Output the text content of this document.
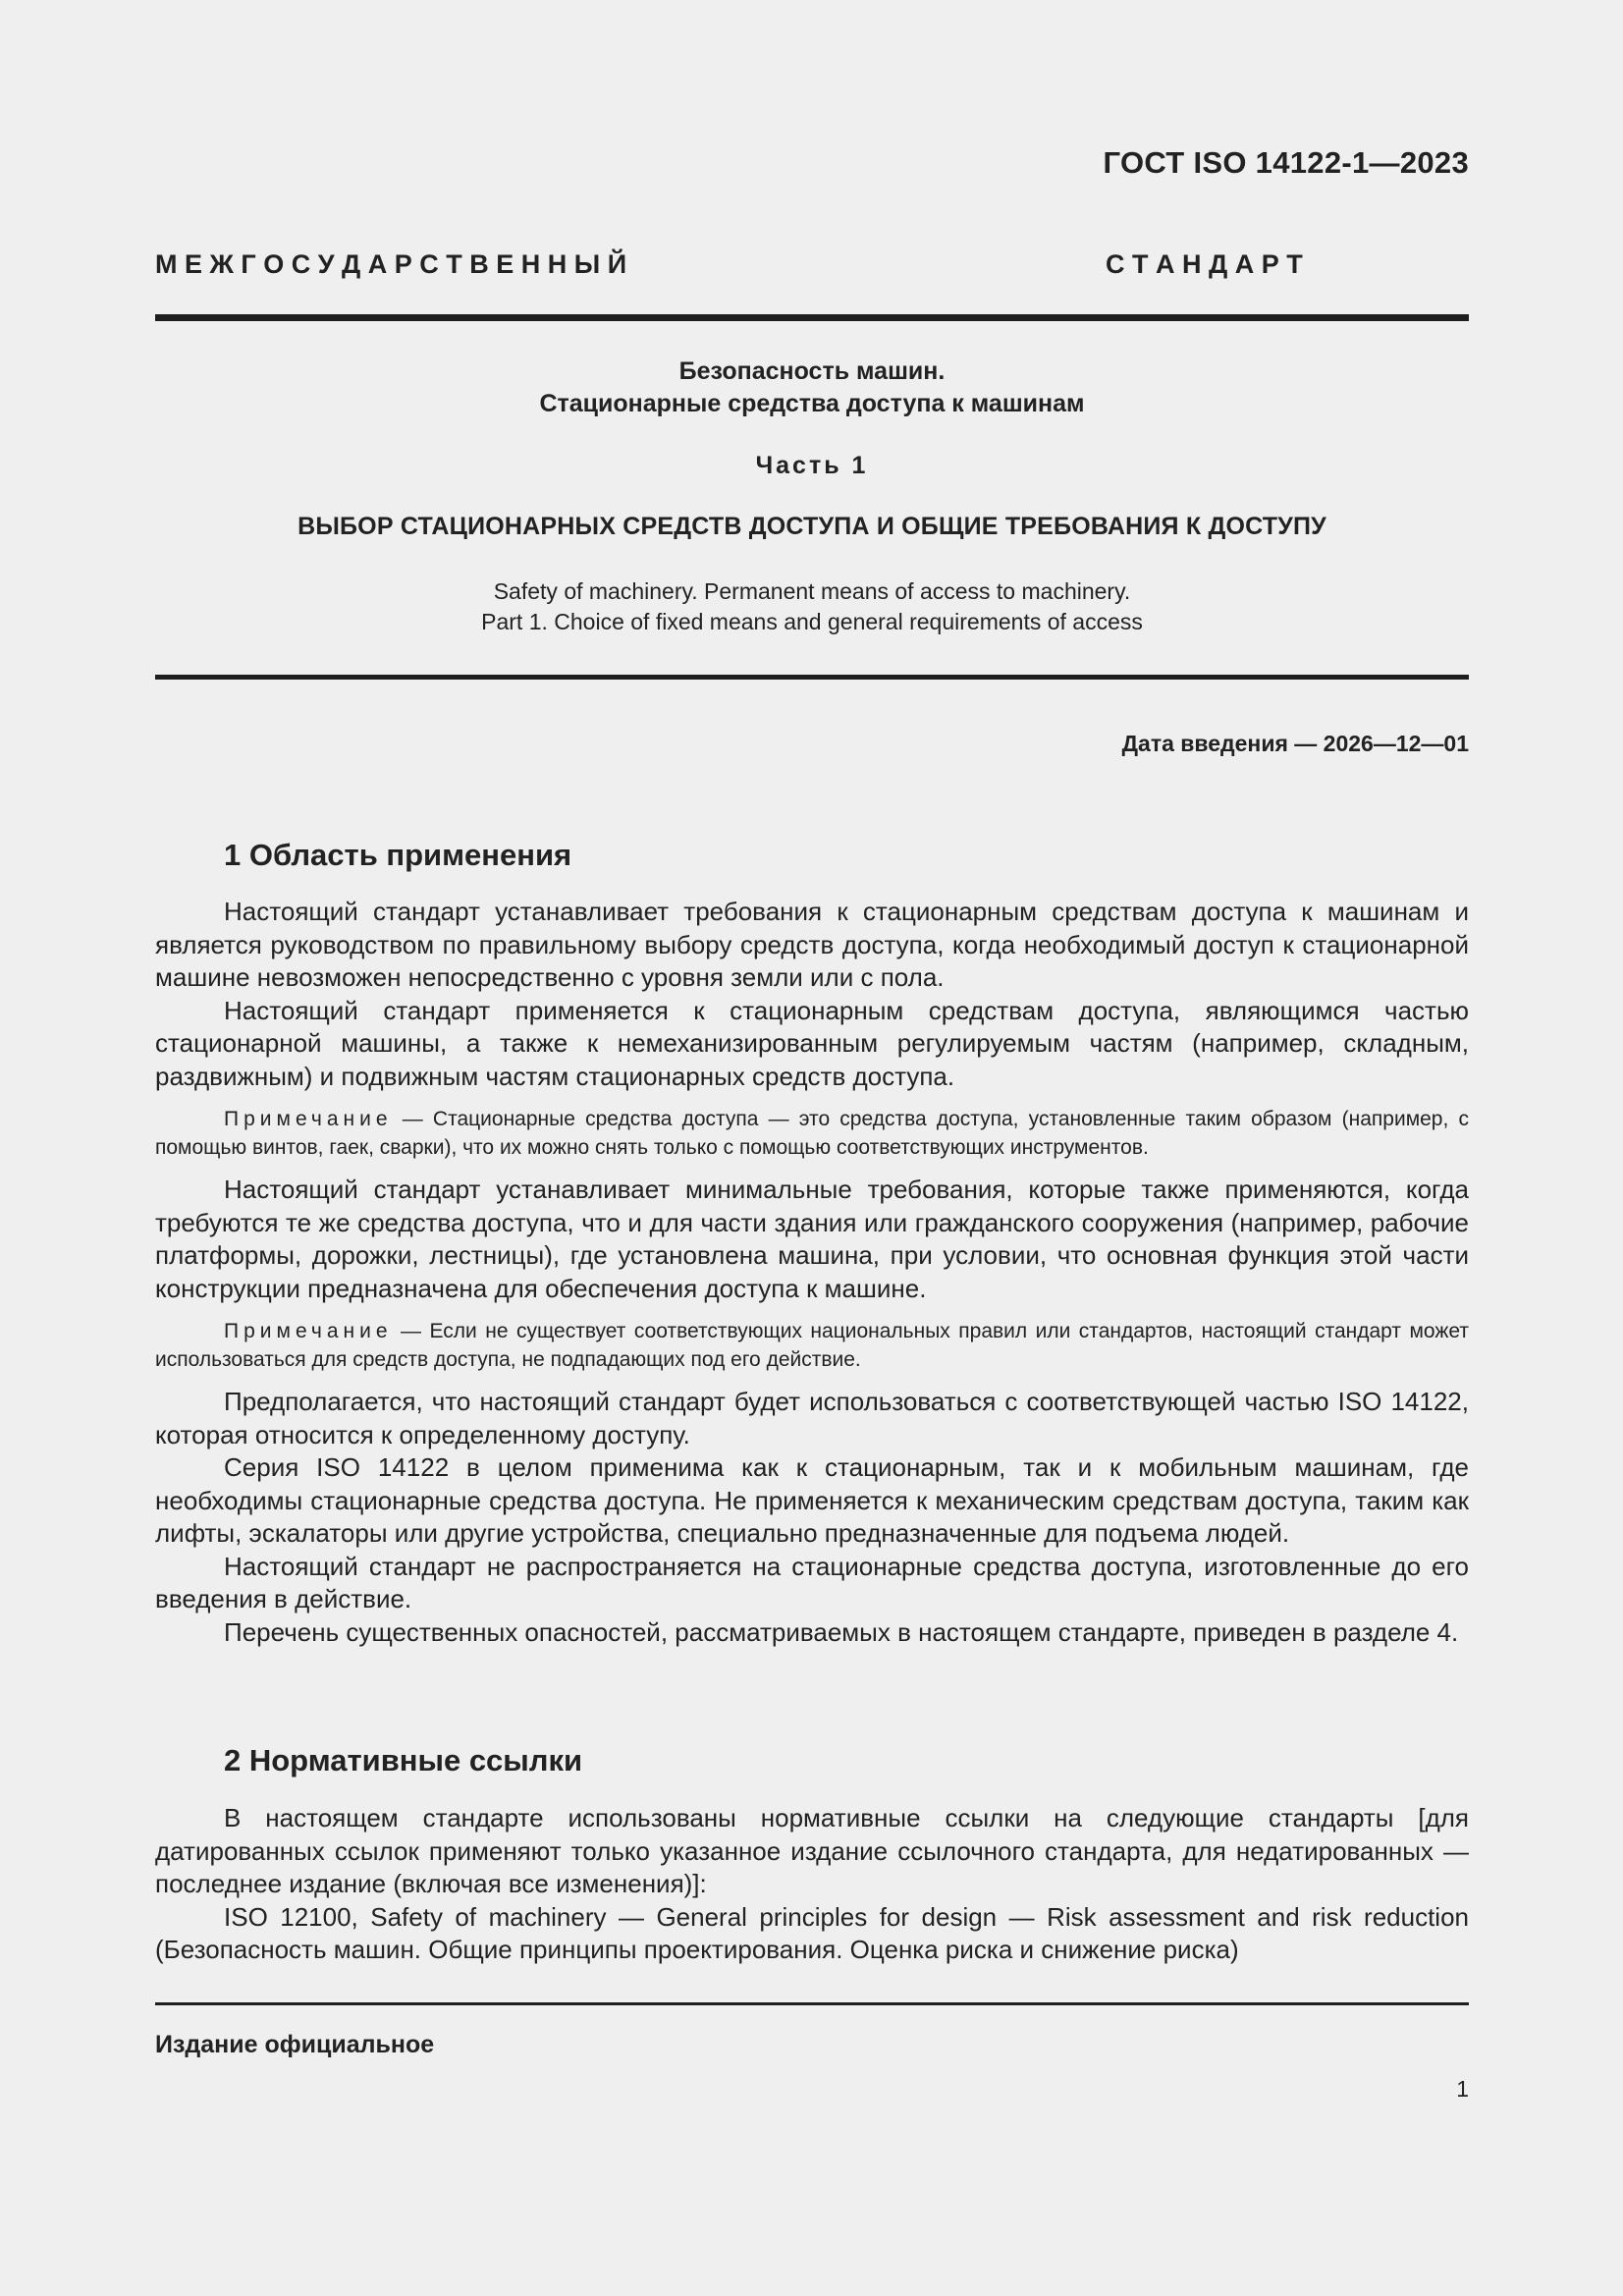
ГОСТ ISO 14122-1—2023
М Е Ж Г О С У Д А Р С Т В Е Н Н Ы Й	С Т А Н Д А Р Т
Безопасность машин.
Стационарные средства доступа к машинам
Часть 1
ВЫБОР СТАЦИОНАРНЫХ СРЕДСТВ ДОСТУПА И ОБЩИЕ ТРЕБОВАНИЯ К ДОСТУПУ
Safety of machinery. Permanent means of access to machinery.
Part 1. Choice of fixed means and general requirements of access
Дата введения — 2026—12—01
1 Область применения

Настоящий стандарт устанавливает требования к стационарным средствам доступа к машинам и является руководством по правильному выбору средств доступа, когда необходимый доступ к стационарной машине невозможен непосредственно с уровня земли или с пола.

Настоящий стандарт применяется к стационарным средствам доступа, являющимся частью стационарной машины, а также к немеханизированным регулируемым частям (например, складным, раздвижным) и подвижным частям стационарных средств доступа.

Примечание — Стационарные средства доступа — это средства доступа, установленные таким образом (например, с помощью винтов, гаек, сварки), что их можно снять только с помощью соответствующих инструментов.

Настоящий стандарт устанавливает минимальные требования, которые также применяются, когда требуются те же средства доступа, что и для части здания или гражданского сооружения (например, рабочие платформы, дорожки, лестницы), где установлена машина, при условии, что основная функция этой части конструкции предназначена для обеспечения доступа к машине.

Примечание — Если не существует соответствующих национальных правил или стандартов, настоящий стандарт может использоваться для средств доступа, не подпадающих под его действие.

Предполагается, что настоящий стандарт будет использоваться с соответствующей частью ISO 14122, которая относится к определенному доступу.

Серия ISO 14122 в целом применима как к стационарным, так и к мобильным машинам, где необходимы стационарные средства доступа. Не применяется к механическим средствам доступа, таким как лифты, эскалаторы или другие устройства, специально предназначенные для подъема людей.

Настоящий стандарт не распространяется на стационарные средства доступа, изготовленные до его введения в действие.

Перечень существенных опасностей, рассматриваемых в настоящем стандарте, приведен в разделе 4.

2 Нормативные ссылки

В настоящем стандарте использованы нормативные ссылки на следующие стандарты [для датированных ссылок применяют только указанное издание ссылочного стандарта, для недатированных — последнее издание (включая все изменения)]:

ISO 12100, Safety of machinery — General principles for design — Risk assessment and risk reduction (Безопасность машин. Общие принципы проектирования. Оценка риска и снижение риска)

Издание официальное
1
